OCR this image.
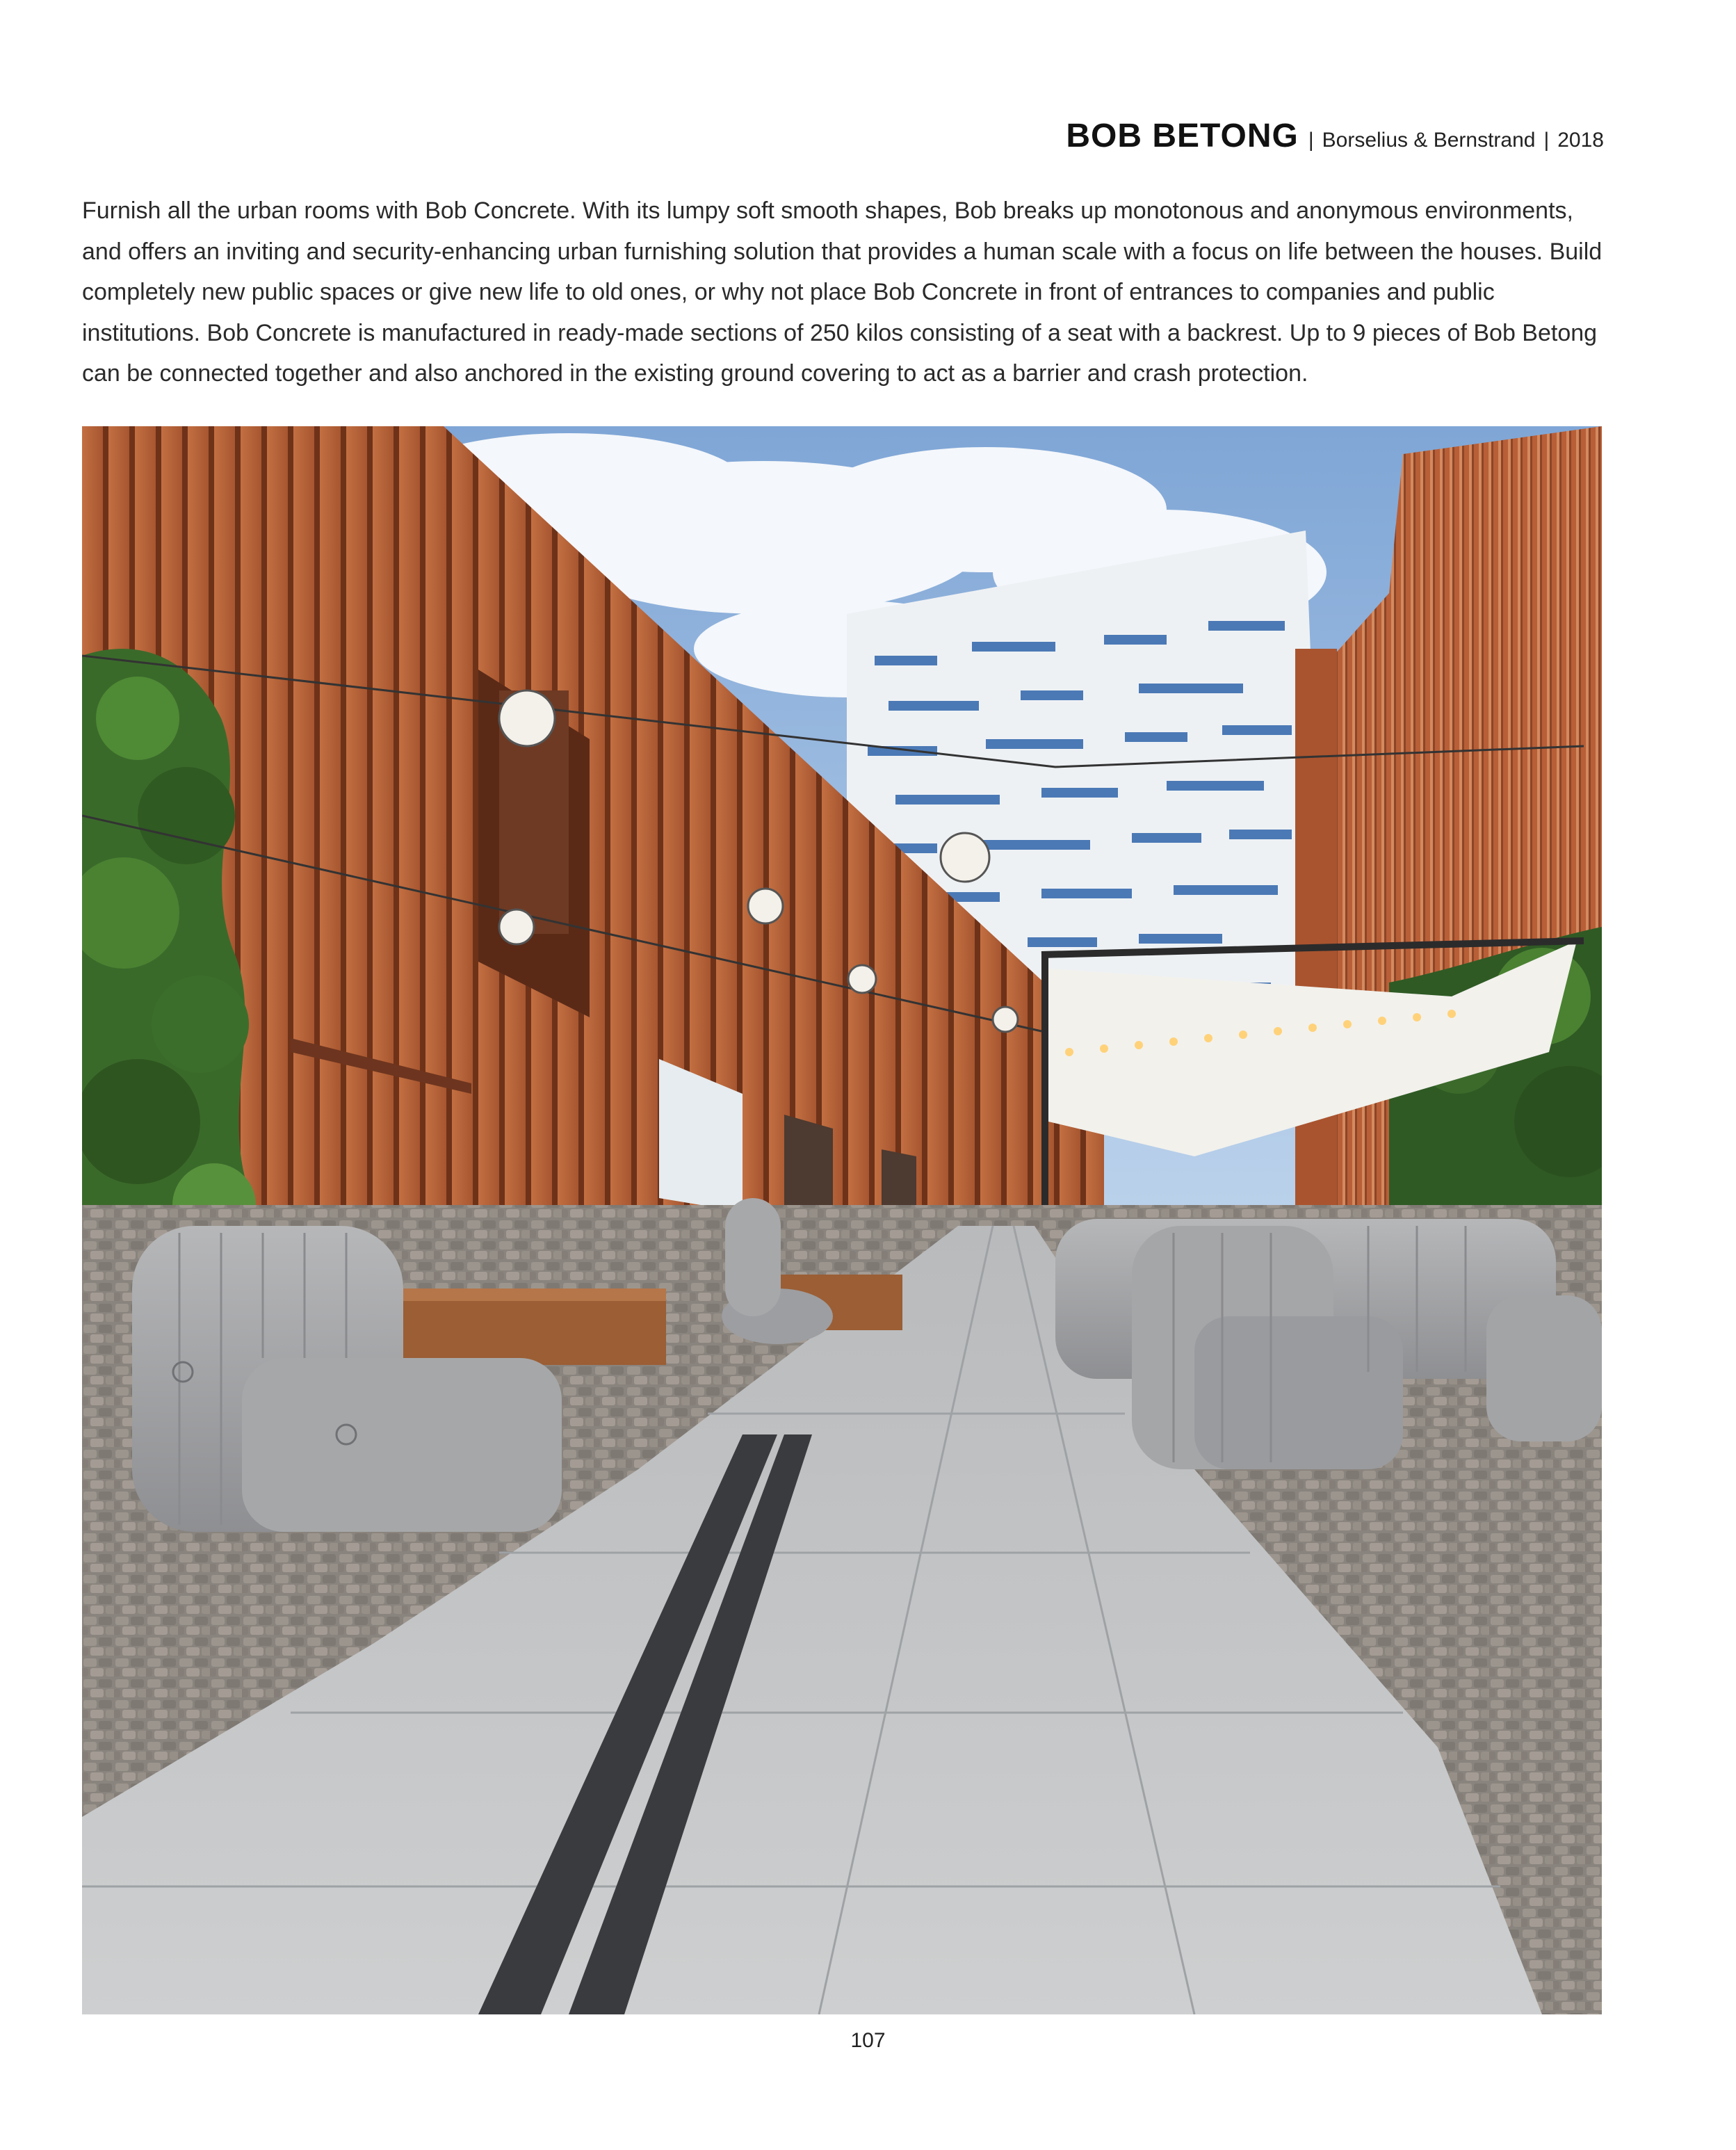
BOB BETONG | Borselius & Bernstrand | 2018

Furnish all the urban rooms with Bob Concrete. With its lumpy soft smooth shapes, Bob breaks up monotonous and anonymous environments, and offers an inviting and security-enhancing urban furnishing solution that provides a human scale with a focus on life between the houses. Build completely new public spaces or give new life to old ones, or why not place Bob Concrete in front of entrances to companies and public institutions. Bob Concrete is manufactured in ready-made sections of 250 kilos consisting of a seat with a backrest. Up to 9 pieces of Bob Betong can be connected together and also anchored in the existing ground covering to act as a barrier and crash protection.

107
